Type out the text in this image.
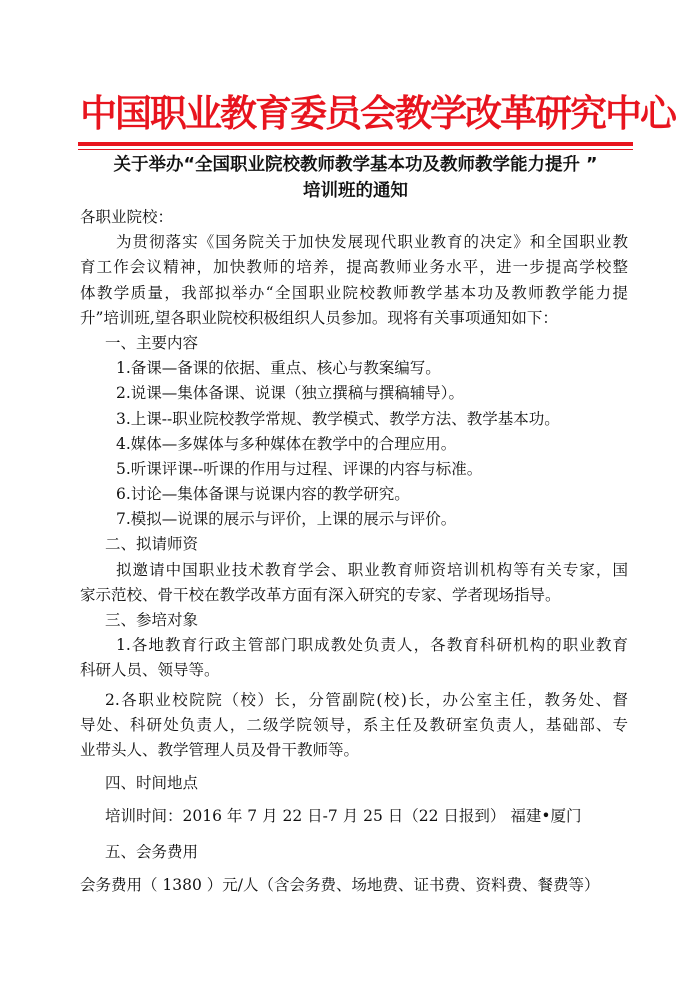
中国职业教育委员会教学改革研究中心
关于举办“全国职业院校教师教学基本功及教师教学能力提升 ”
培训班的通知
各职业院校：
为贯彻落实《国务院关于加快发展现代职业教育的决定》和全国职业教
育工作会议精神，加快教师的培养，提高教师业务水平，进一步提高学校整
体教学质量，我部拟举办“全国职业院校教师教学基本功及教师教学能力提
升”培训班,望各职业院校积极组织人员参加。现将有关事项通知如下：
一、主要内容
1.备课—备课的依据、重点、核心与教案编写。
2.说课—集体备课、说课（独立撰稿与撰稿辅导）。
3.上课--职业院校教学常规、教学模式、教学方法、教学基本功。
4.媒体—多媒体与多种媒体在教学中的合理应用。
5.听课评课--听课的作用与过程、评课的内容与标准。
6.讨论—集体备课与说课内容的教学研究。
7.模拟—说课的展示与评价，上课的展示与评价。
二、拟请师资
拟邀请中国职业技术教育学会、职业教育师资培训机构等有关专家，国
家示范校、骨干校在教学改革方面有深入研究的专家、学者现场指导。
三、参培对象
1.各地教育行政主管部门职成教处负责人，各教育科研机构的职业教育
科研人员、领导等。
2.各职业校院院（校）长，分管副院(校)长，办公室主任，教务处、督
导处、科研处负责人，二级学院领导，系主任及教研室负责人，基础部、专
业带头人、教学管理人员及骨干教师等。
四、时间地点
培训时间：2016 年 7 月 22 日-7 月 25 日（22 日报到） 福建•厦门
五、会务费用
会务费用（ 1380 ）元/人（含会务费、场地费、证书费、资料费、餐费等）
